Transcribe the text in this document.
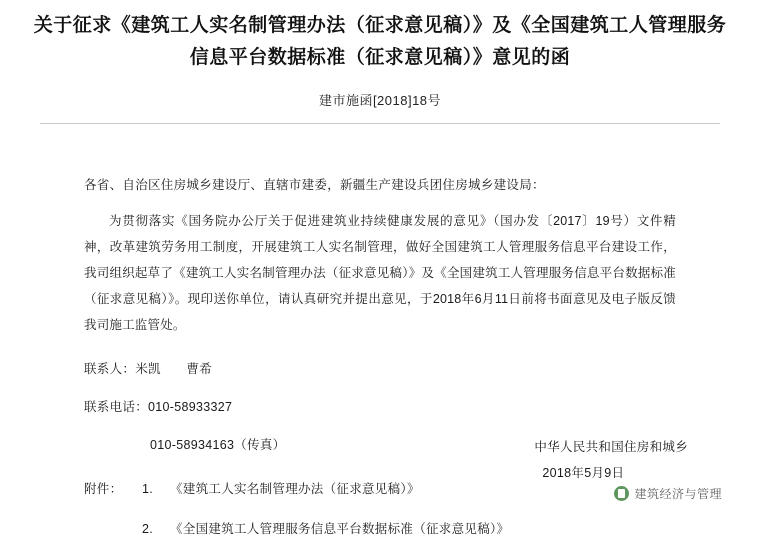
关于征求《建筑工人实名制管理办法（征求意见稿）》及《全国建筑工人管理服务信息平台数据标准（征求意见稿）》意见的函
建市施函[2018]18号
各省、自治区住房城乡建设厅、直辖市建委，新疆生产建设兵团住房城乡建设局：
为贯彻落实《国务院办公厅关于促进建筑业持续健康发展的意见》（国办发〔2017〕19号）文件精神，改革建筑劳务用工制度，开展建筑工人实名制管理，做好全国建筑工人管理服务信息平台建设工作，我司组织起草了《建筑工人实名制管理办法（征求意见稿）》及《全国建筑工人管理服务信息平台数据标准（征求意见稿）》。现印送你单位，请认真研究并提出意见，于2018年6月11日前将书面意见及电子版反馈我司施工监管处。
联系人：米凯　　曹希
联系电话：010-58933327
010-58934163（传真）
附件：	1.	《建筑工人实名制管理办法（征求意见稿）》
2.	《全国建筑工人管理服务信息平台数据标准（征求意见稿）》
中华人民共和国住房和城乡
2018年5月9日
建筑经济与管理
